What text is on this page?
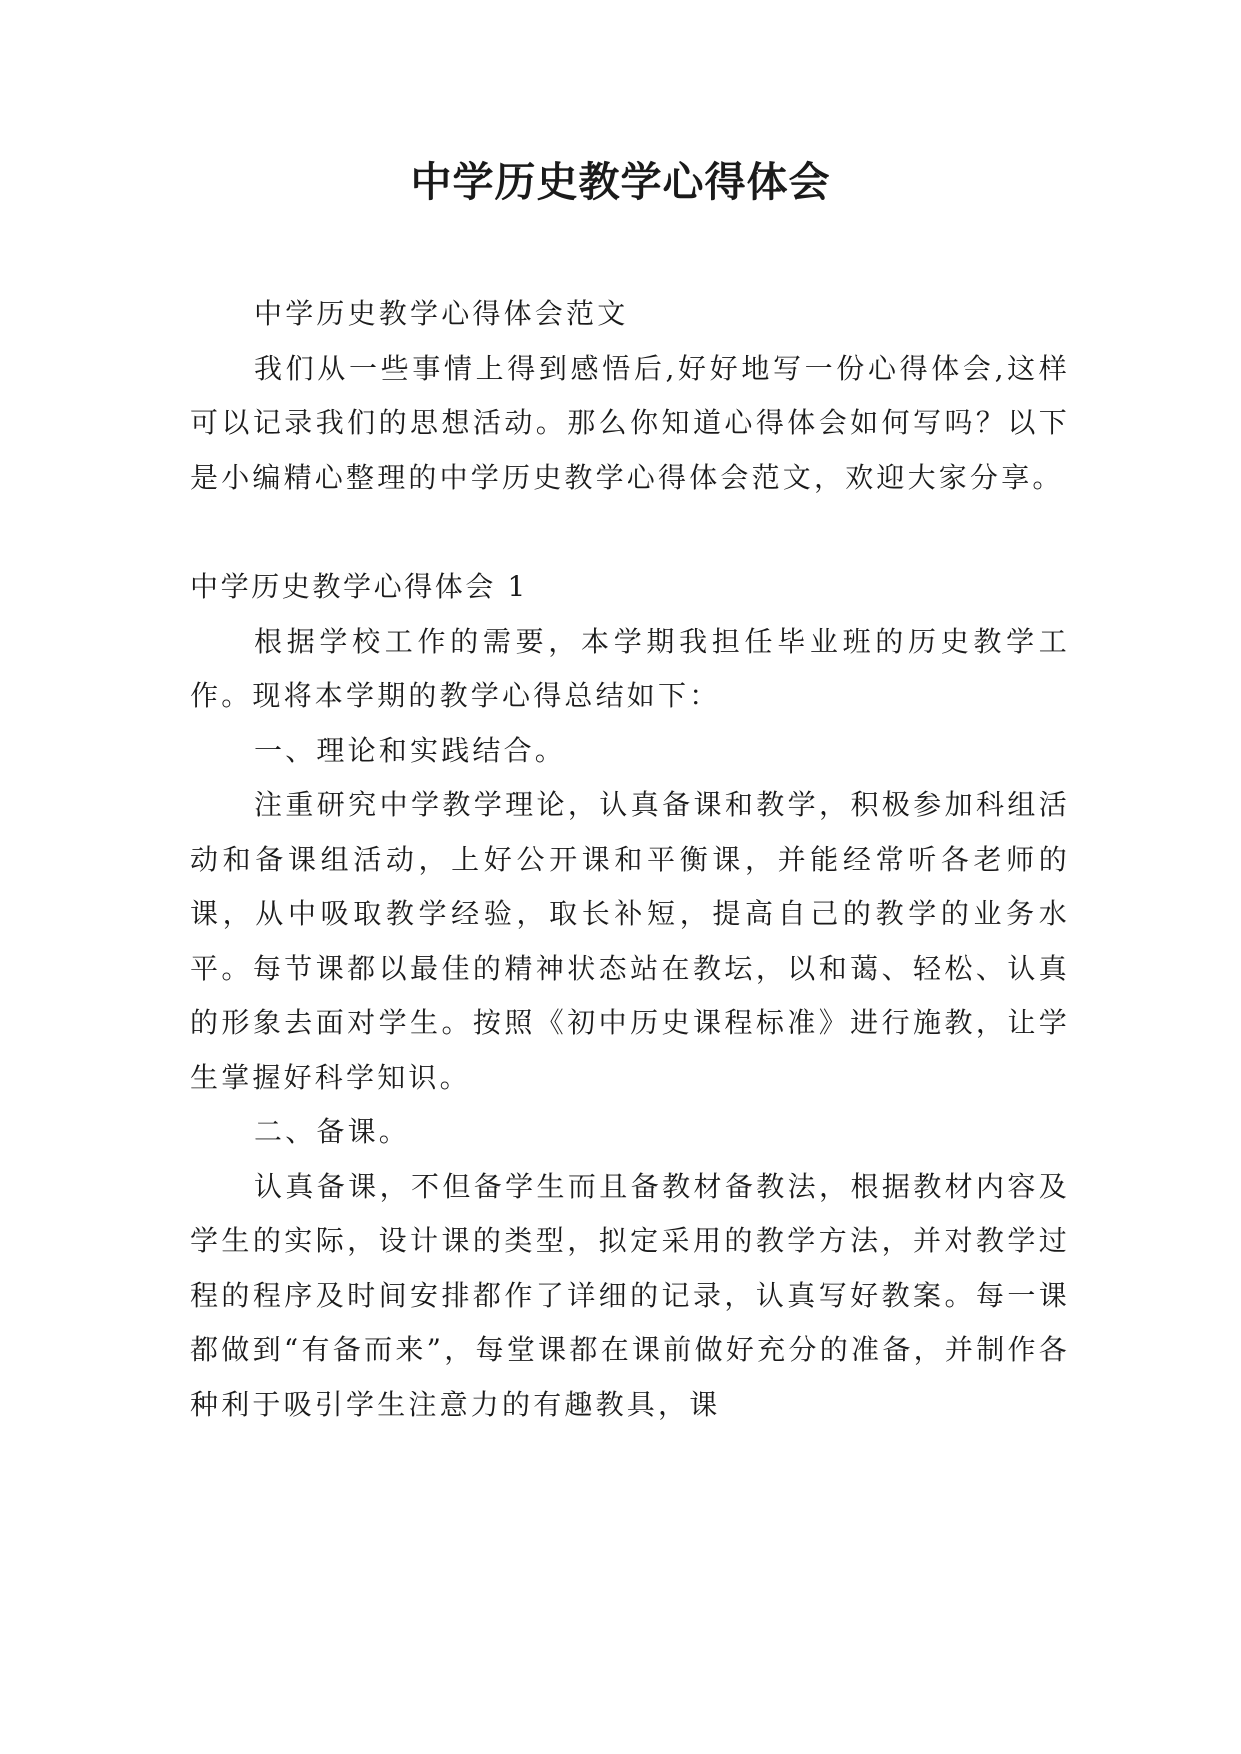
中学历史教学心得体会

中学历史教学心得体会范文

我们从一些事情上得到感悟后,好好地写一份心得体会,这样可以记录我们的思想活动。那么你知道心得体会如何写吗？以下是小编精心整理的中学历史教学心得体会范文，欢迎大家分享。

中学历史教学心得体会 1

根据学校工作的需要，本学期我担任毕业班的历史教学工作。现将本学期的教学心得总结如下：

一、理论和实践结合。

注重研究中学教学理论，认真备课和教学，积极参加科组活动和备课组活动，上好公开课和平衡课，并能经常听各老师的课，从中吸取教学经验，取长补短，提高自己的教学的业务水平。每节课都以最佳的精神状态站在教坛，以和蔼、轻松、认真的形象去面对学生。按照《初中历史课程标准》进行施教，让学生掌握好科学知识。

二、备课。

认真备课，不但备学生而且备教材备教法，根据教材内容及学生的实际，设计课的类型，拟定采用的教学方法，并对教学过程的程序及时间安排都作了详细的记录，认真写好教案。每一课都做到“有备而来”，每堂课都在课前做好充分的准备，并制作各种利于吸引学生注意力的有趣教具，课
